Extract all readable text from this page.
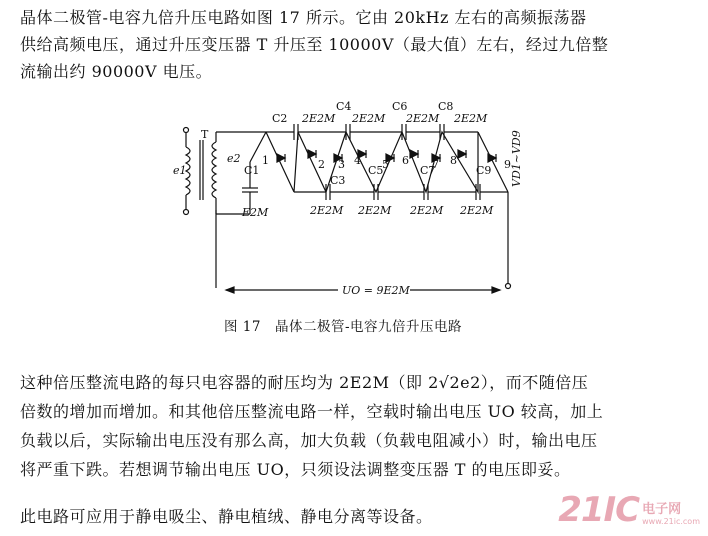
晶体二极管-电容九倍升压电路如图 17 所示。它由 20kHz 左右的高频振荡器
供给高频电压，通过升压变压器 T 升压至 10000V（最大值）左右，经过九倍整
流输出约 90000V 电压。
T
e1
e2
C2 2E2M
C4
2E2M
C6
2E2M
C8
2E2M
C1
E2M
C3
2E2M
C5
2E2M
C7
2E2M
C9
2E2M
1	2 3 4 5 6 7 8	9 VD1~VD9
UO = 9E2M
图 17　晶体二极管-电容九倍升压电路
这种倍压整流电路的每只电容器的耐压均为 2E2M（即 2√2e2），而不随倍压
倍数的增加而增加。和其他倍压整流电路一样，空载时输出电压 UO 较高，加上
负载以后，实际输出电压没有那么高，加大负载（负载电阻减小）时，输出电压
将严重下跌。若想调节输出电压 UO，只须设法调整变压器 T 的电压即妥。
此电路可应用于静电吸尘、静电植绒、静电分离等设备。	21IC 电子网
www.21ic.com
